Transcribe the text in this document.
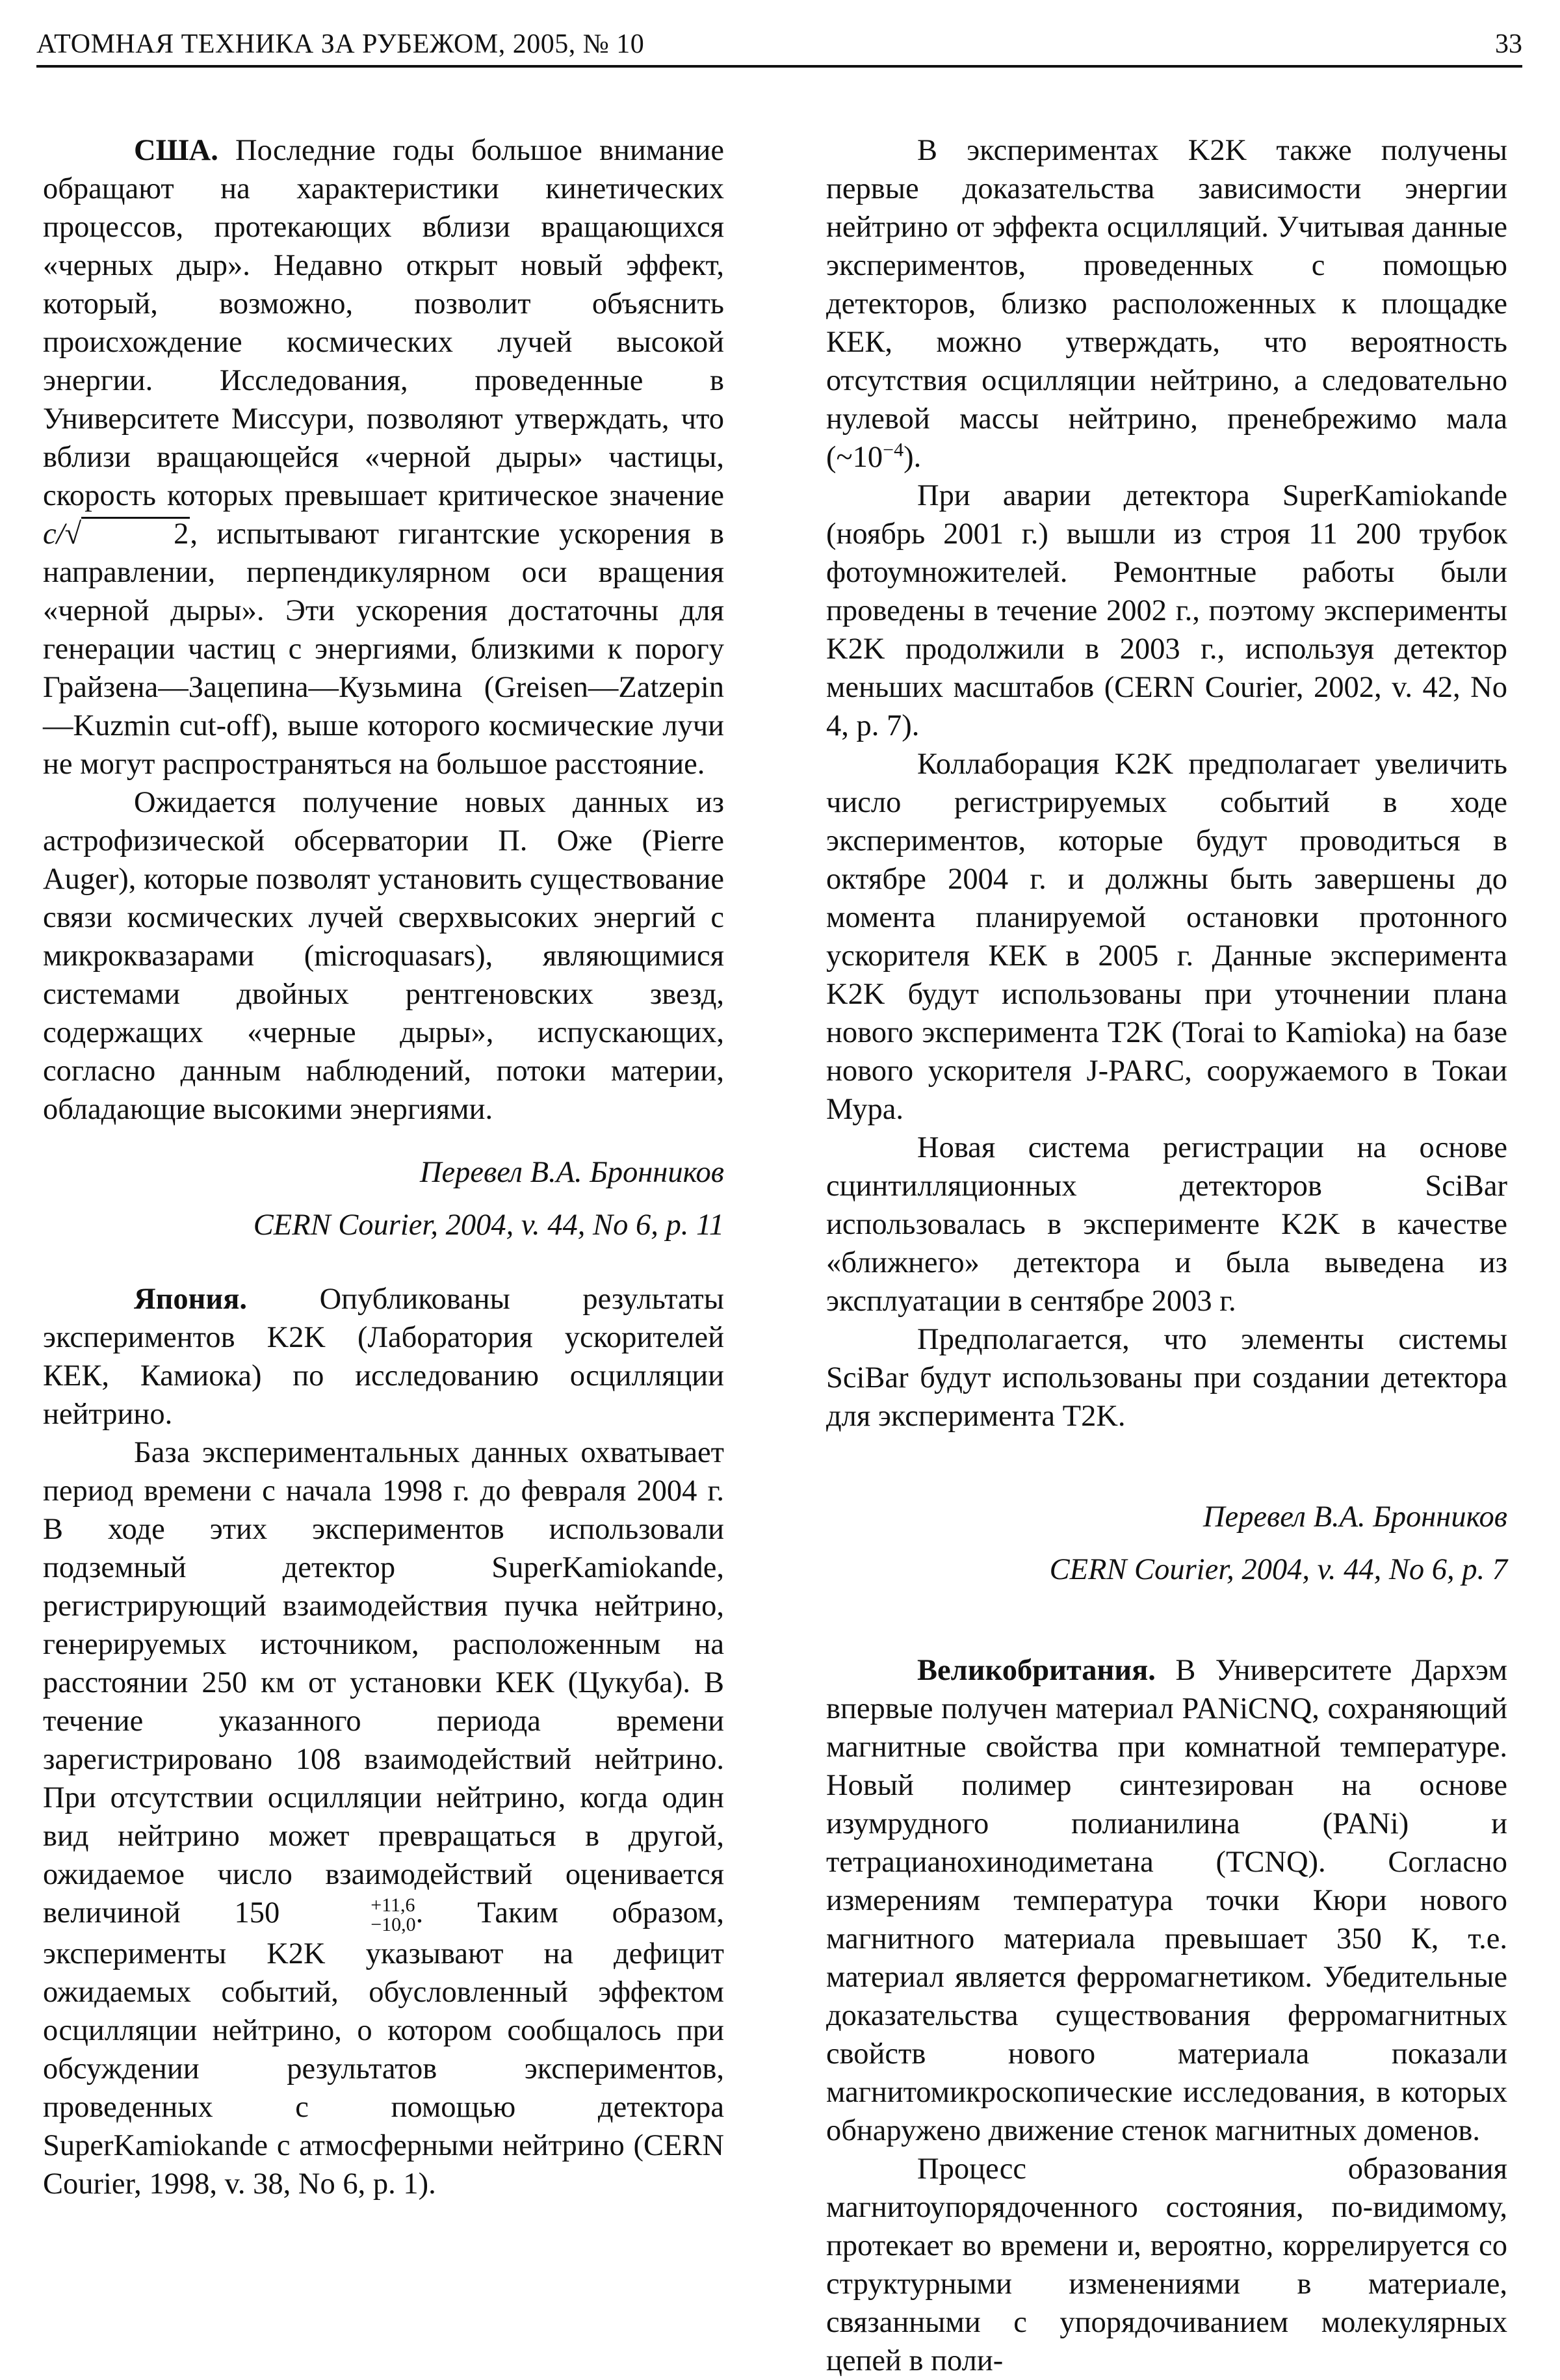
АТОМНАЯ ТЕХНИКА ЗА РУБЕЖОМ, 2005, № 10	33

США. Последние годы большое внимание обращают на характеристики кинетических процессов, протекающих вблизи вращающихся «черных дыр». Недавно открыт новый эффект, который, возможно, позволит объяснить происхождение космических лучей высокой энергии. Исследования, проведенные в Университете Миссури, позволяют утверждать, что вблизи вращающейся «черной дыры» частицы, скорость которых превышает критическое значение c/√	2, испытывают гигантские ускорения в направлении, перпендикулярном оси вращения «черной дыры». Эти ускорения достаточны для генерации частиц с энергиями, близкими к порогу Грайзена—Зацепина—Кузьмина (Greisen—Zatzepin—Kuzmin cut-off), выше которого космические лучи не могут распространяться на большое расстояние.

Ожидается получение новых данных из астрофизической обсерватории П. Оже (Pierre Auger), которые позволят установить существование связи космических лучей сверхвысоких энергий с микроквазарами (microquasars), являющимися системами двойных рентгеновских звезд, содержащих «черные дыры», испускающих, согласно данным наблюдений, потоки материи, обладающие высокими энергиями.

Перевел В.А. Бронников

CERN Courier, 2004, v. 44, No 6, p. 11

Япония. Опубликованы результаты экспериментов K2K (Лаборатория ускорителей КЕК, Камиока) по исследованию осцилляции нейтрино.

База экспериментальных данных охватывает период времени с начала 1998 г. до февраля 2004 г. В ходе этих экспериментов использовали подземный детектор SuperKamiokande, регистрирующий взаимодействия пучка нейтрино, генерируемых источником, расположенным на расстоянии 250 км от установки КЕК (Цукуба). В течение указанного периода времени зарегистрировано 108 взаимодействий нейтрино. При отсутствии осцилляции нейтрино, когда один вид нейтрино может превращаться в другой, ожидаемое число взаимодействий оценивается величиной 150	+11,6
−10,0 . Таким образом, эксперименты K2K указывают на дефицит ожидаемых событий, обусловленный эффектом осцилляции нейтрино, о котором сообщалось при обсуждении результатов экспериментов, проведенных с помощью детектора SuperKamiokande с атмосферными нейтрино (CERN Courier, 1998, v. 38, No 6, p. 1).

В экспериментах K2K также получены первые доказательства зависимости энергии нейтрино от эффекта осцилляций. Учитывая данные экспериментов, проведенных с помощью детекторов, близко расположенных к площадке КЕК, можно утверждать, что вероятность отсутствия осцилляции нейтрино, а следовательно нулевой массы нейтрино, пренебрежимо мала $(\sim 10^{-4})$.

При аварии детектора SuperKamiokande (ноябрь 2001 г.) вышли из строя 11 200 трубок фотоумножителей. Ремонтные работы были проведены в течение 2002 г., поэтому эксперименты K2K продолжили в 2003 г., используя детектор меньших масштабов (CERN Courier, 2002, v. 42, No 4, p. 7).

Коллаборация K2K предполагает увеличить число регистрируемых событий в ходе экспериментов, которые будут проводиться в октябре 2004 г. и должны быть завершены до момента планируемой остановки протонного ускорителя КЕК в 2005 г. Данные эксперимента K2K будут использованы при уточнении плана нового эксперимента T2K (Torai to Kamioka) на базе нового ускорителя J-PARC, сооружаемого в Токаи Мура.

Новая система регистрации на основе сцинтилляционных детекторов SciBar использовалась в эксперименте K2K в качестве «ближнего» детектора и была выведена из эксплуатации в сентябре 2003 г.

Предполагается, что элементы системы SciBar будут использованы при создании детектора для эксперимента T2K.

Перевел В.А. Бронников

CERN Courier, 2004, v. 44, No 6, p. 7

Великобритания. В Университете Дархэм впервые получен материал PANiCNQ, сохраняющий магнитные свойства при комнатной температуре. Новый полимер синтезирован на основе изумрудного полианилина (PANi) и тетрацианохинодиметана (TCNQ). Согласно измерениям температура точки Кюри нового магнитного материала превышает 350 К, т.е. материал является ферромагнетиком. Убедительные доказательства существования ферромагнитных свойств нового материала показали магнитомикроскопические исследования, в которых обнаружено движение стенок магнитных доменов.

Процесс образования магнитоупорядоченного состояния, по-видимому, протекает во времени и, вероятно, коррелируется со структурными изменениями в материале, связанными с упорядочиванием молекулярных цепей в поли-
